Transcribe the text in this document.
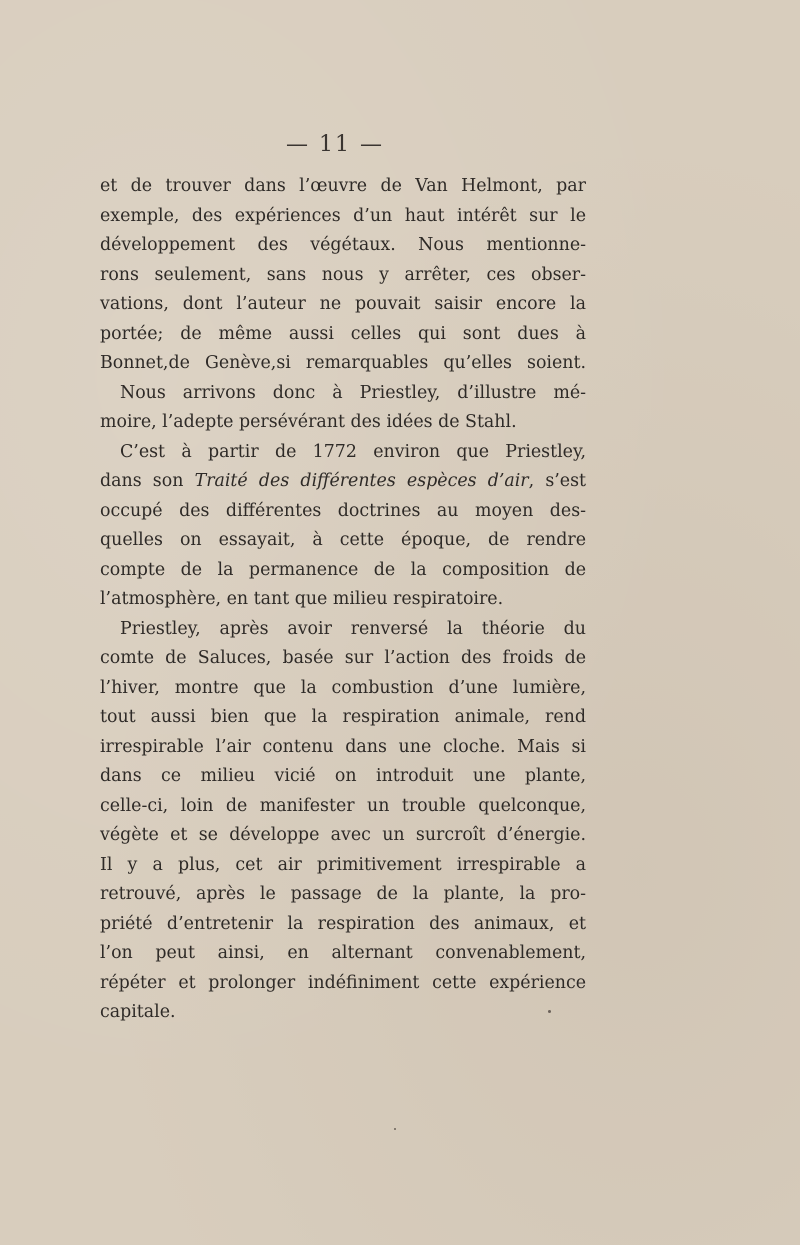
— 11 —
et de trouver dans l’œuvre de Van Helmont, par
exemple, des expériences d’un haut intérêt sur le
développement des végétaux. Nous mentionne-
rons seulement, sans nous y arrêter, ces obser-
vations, dont l’auteur ne pouvait saisir encore la
portée; de même aussi celles qui sont dues à
Bonnet,de Genève,si remarquables qu’elles soient.
Nous arrivons donc à Priestley, d’illustre mé-
moire, l’adepte persévérant des idées de Stahl.
C’est à partir de 1772 environ que Priestley,
dans son Traité des différentes espèces d’air, s’est
occupé des différentes doctrines au moyen des-
quelles on essayait, à cette époque, de rendre
compte de la permanence de la composition de
l’atmosphère, en tant que milieu respiratoire.
Priestley, après avoir renversé la théorie du
comte de Saluces, basée sur l’action des froids de
l’hiver, montre que la combustion d’une lumière,
tout aussi bien que la respiration animale, rend
irrespirable l’air contenu dans une cloche. Mais si
dans ce milieu vicié on introduit une plante,
celle-ci, loin de manifester un trouble quelconque,
végète et se développe avec un surcroît d’énergie.
Il y a plus, cet air primitivement irrespirable a
retrouvé, après le passage de la plante, la pro-
priété d’entretenir la respiration des animaux, et
l’on peut ainsi, en alternant convenablement,
répéter et prolonger indéfiniment cette expérience
capitale.
